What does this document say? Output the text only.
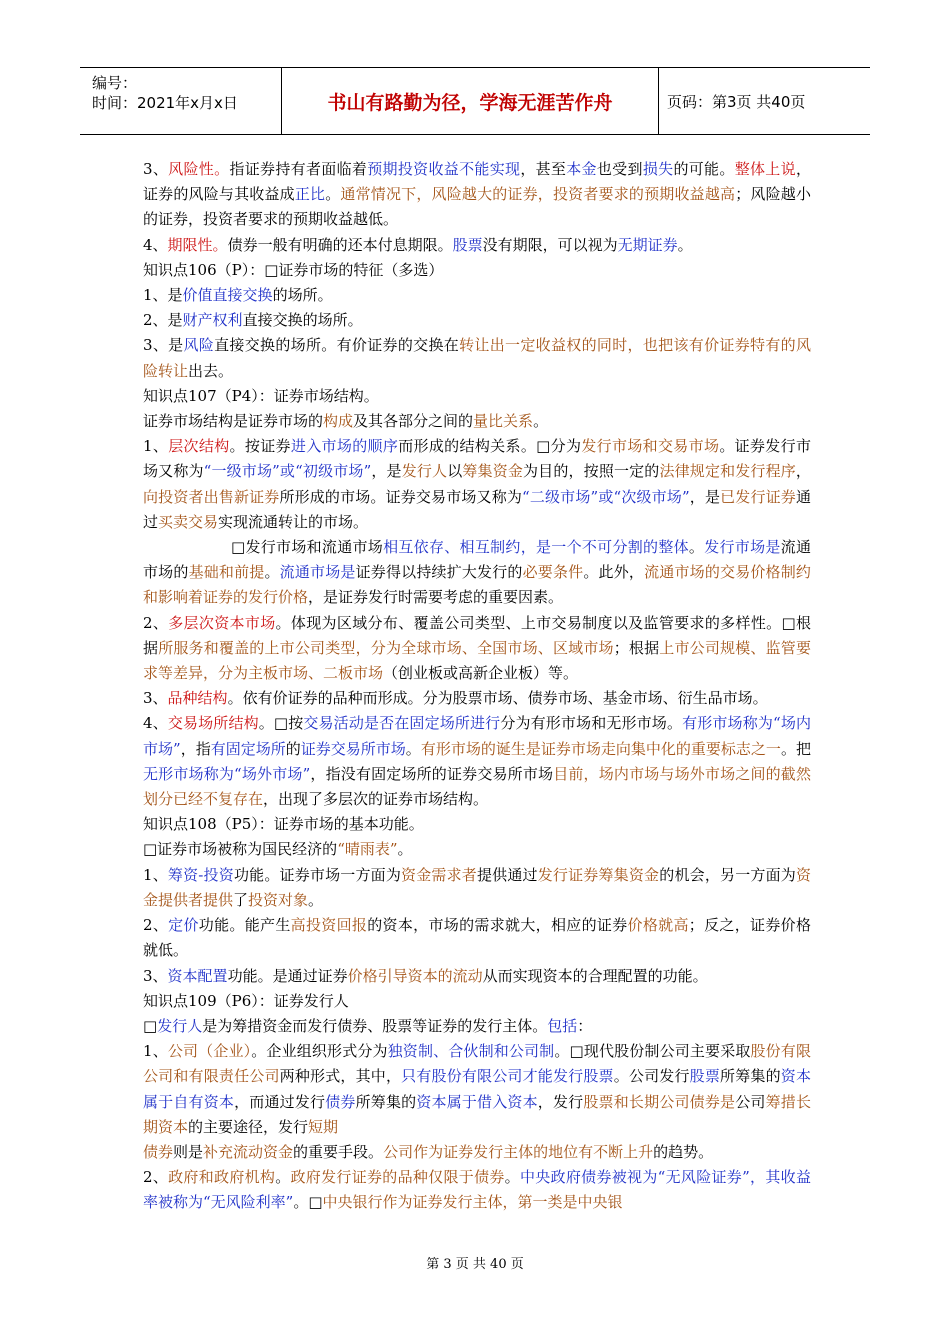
编号：
时间：2021年x月x日	书山有路勤为径，学海无涯苦作舟	页码：第3页 共40页

3、风险性。指证券持有者面临着预期投资收益不能实现，甚至本金也受到损失的可能。整体上说，证券的风险与其收益成正比。通常情况下，风险越大的证券，投资者要求的预期收益越高；风险越小的证券，投资者要求的预期收益越低。

4、期限性。债券一般有明确的还本付息期限。股票没有期限，可以视为无期证券。

知识点106（P）：□证券市场的特征（多选）

1、是价值直接交换的场所。

2、是财产权利直接交换的场所。

3、是风险直接交换的场所。有价证券的交换在转让出一定收益权的同时，也把该有价证券特有的风险转让出去。

知识点107（P4）：证券市场结构。

证券市场结构是证券市场的构成及其各部分之间的量比关系。

1、层次结构。按证券进入市场的顺序而形成的结构关系。□分为发行市场和交易市场。证券发行市场又称为“一级市场”或“初级市场”，是发行人以筹集资金为目的，按照一定的法律规定和发行程序，向投资者出售新证券所形成的市场。证券交易市场又称为“二级市场”或“次级市场”，是已发行证券通过买卖交易实现流通转让的市场。

□发行市场和流通市场相互依存、相互制约，是一个不可分割的整体。发行市场是流通市场的基础和前提。流通市场是证券得以持续扩大发行的必要条件。此外，流通市场的交易价格制约和影响着证券的发行价格，是证券发行时需要考虑的重要因素。

2、多层次资本市场。体现为区域分布、覆盖公司类型、上市交易制度以及监管要求的多样性。□根据所服务和覆盖的上市公司类型，分为全球市场、全国市场、区域市场；根据上市公司规模、监管要求等差异，分为主板市场、二板市场（创业板或高新企业板）等。

3、品种结构。依有价证券的品种而形成。分为股票市场、债券市场、基金市场、衍生品市场。

4、交易场所结构。□按交易活动是否在固定场所进行分为有形市场和无形市场。有形市场称为“场内市场”，指有固定场所的证券交易所市场。有形市场的诞生是证券市场走向集中化的重要标志之一。把无形市场称为“场外市场”，指没有固定场所的证券交易所市场目前，场内市场与场外市场之间的截然划分已经不复存在，出现了多层次的证券市场结构。

知识点108（P5）：证券市场的基本功能。

□证券市场被称为国民经济的“晴雨表”。

1、筹资-投资功能。证券市场一方面为资金需求者提供通过发行证券筹集资金的机会，另一方面为资金提供者提供了投资对象。

2、定价功能。能产生高投资回报的资本，市场的需求就大，相应的证券价格就高；反之，证券价格就低。

3、资本配置功能。是通过证券价格引导资本的流动从而实现资本的合理配置的功能。

知识点109（P6）：证券发行人

□发行人是为筹措资金而发行债券、股票等证券的发行主体。包括：

1、公司（企业）。企业组织形式分为独资制、合伙制和公司制。□现代股份制公司主要采取股份有限公司和有限责任公司两种形式，其中，只有股份有限公司才能发行股票。公司发行股票所筹集的资本属于自有资本，而通过发行债券所筹集的资本属于借入资本，发行股票和长期公司债券是公司筹措长期资本的主要途径，发行短期

债券则是补充流动资金的重要手段。公司作为证券发行主体的地位有不断上升的趋势。

2、政府和政府机构。政府发行证券的品种仅限于债券。中央政府债券被视为“无风险证券”，其收益率被称为“无风险利率”。□中央银行作为证券发行主体，第一类是中央银

第 3 页 共 40 页
